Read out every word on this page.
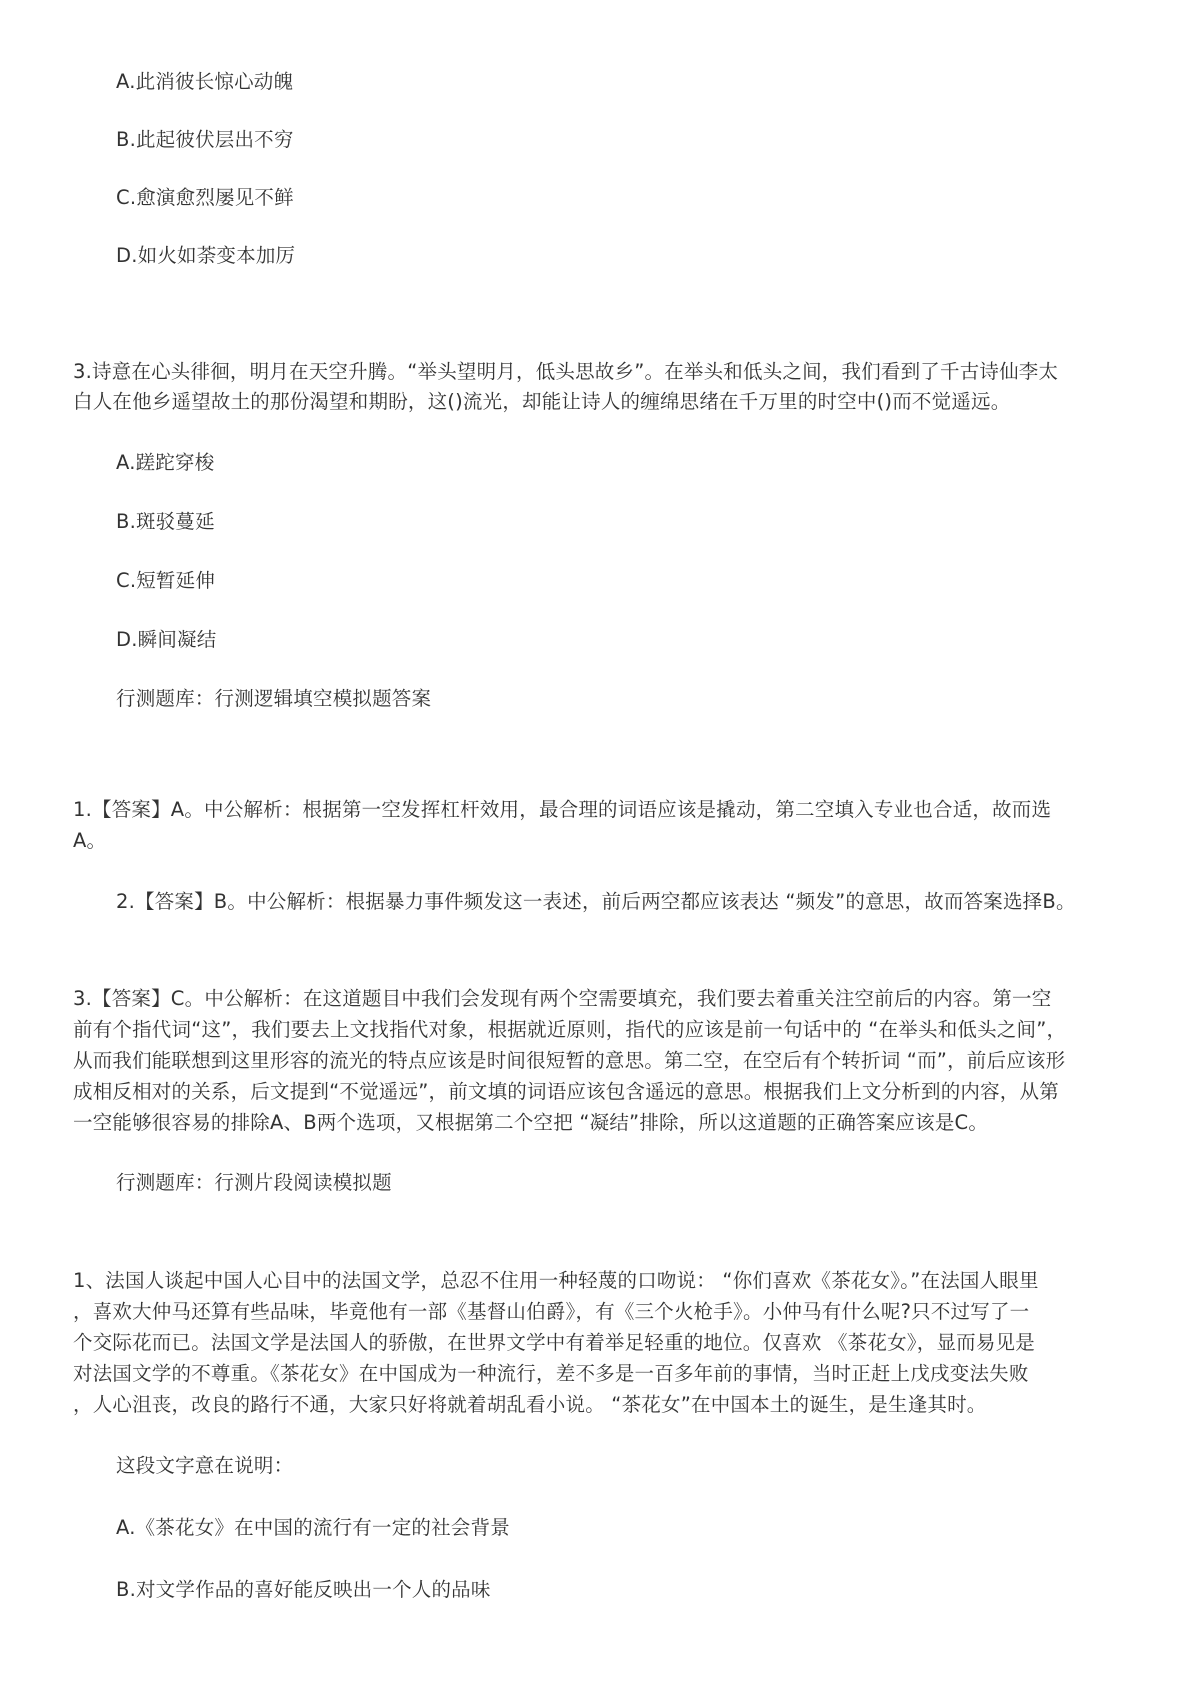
A.此消彼长惊心动魄
B.此起彼伏层出不穷
C.愈演愈烈屡见不鲜
D.如火如荼变本加厉
3.诗意在心头徘徊，明月在天空升腾。“举头望明月，低头思故乡”。在举头和低头之间，我们看到了千古诗仙李太
白人在他乡遥望故土的那份渴望和期盼，这()流光，却能让诗人的缠绵思绪在千万里的时空中()而不觉遥远。
A.蹉跎穿梭
B.斑驳蔓延
C.短暂延伸
D.瞬间凝结
行测题库：行测逻辑填空模拟题答案
1.【答案】A。中公解析：根据第一空发挥杠杆效用，最合理的词语应该是撬动，第二空填入专业也合适，故而选
A。
2.【答案】B。中公解析：根据暴力事件频发这一表述，前后两空都应该表达 “频发”的意思，故而答案选择B。
3.【答案】C。中公解析：在这道题目中我们会发现有两个空需要填充，我们要去着重关注空前后的内容。第一空
前有个指代词“这”，我们要去上文找指代对象，根据就近原则，指代的应该是前一句话中的 “在举头和低头之间”，
从而我们能联想到这里形容的流光的特点应该是时间很短暂的意思。第二空，在空后有个转折词 “而”，前后应该形
成相反相对的关系，后文提到“不觉遥远”，前文填的词语应该包含遥远的意思。根据我们上文分析到的内容，从第
一空能够很容易的排除A、B两个选项，又根据第二个空把 “凝结”排除，所以这道题的正确答案应该是C。
行测题库：行测片段阅读模拟题
1、法国人谈起中国人心目中的法国文学，总忍不住用一种轻蔑的口吻说： “你们喜欢《茶花女》。”在法国人眼里
，喜欢大仲马还算有些品味，毕竟他有一部《基督山伯爵》，有《三个火枪手》。小仲马有什么呢?只不过写了一
个交际花而已。法国文学是法国人的骄傲，在世界文学中有着举足轻重的地位。仅喜欢 《茶花女》，显而易见是
对法国文学的不尊重。《茶花女》在中国成为一种流行，差不多是一百多年前的事情，当时正赶上戊戌变法失败
，人心沮丧，改良的路行不通，大家只好将就着胡乱看小说。 “茶花女”在中国本土的诞生，是生逢其时。
这段文字意在说明：
A.《茶花女》在中国的流行有一定的社会背景
B.对文学作品的喜好能反映出一个人的品味
